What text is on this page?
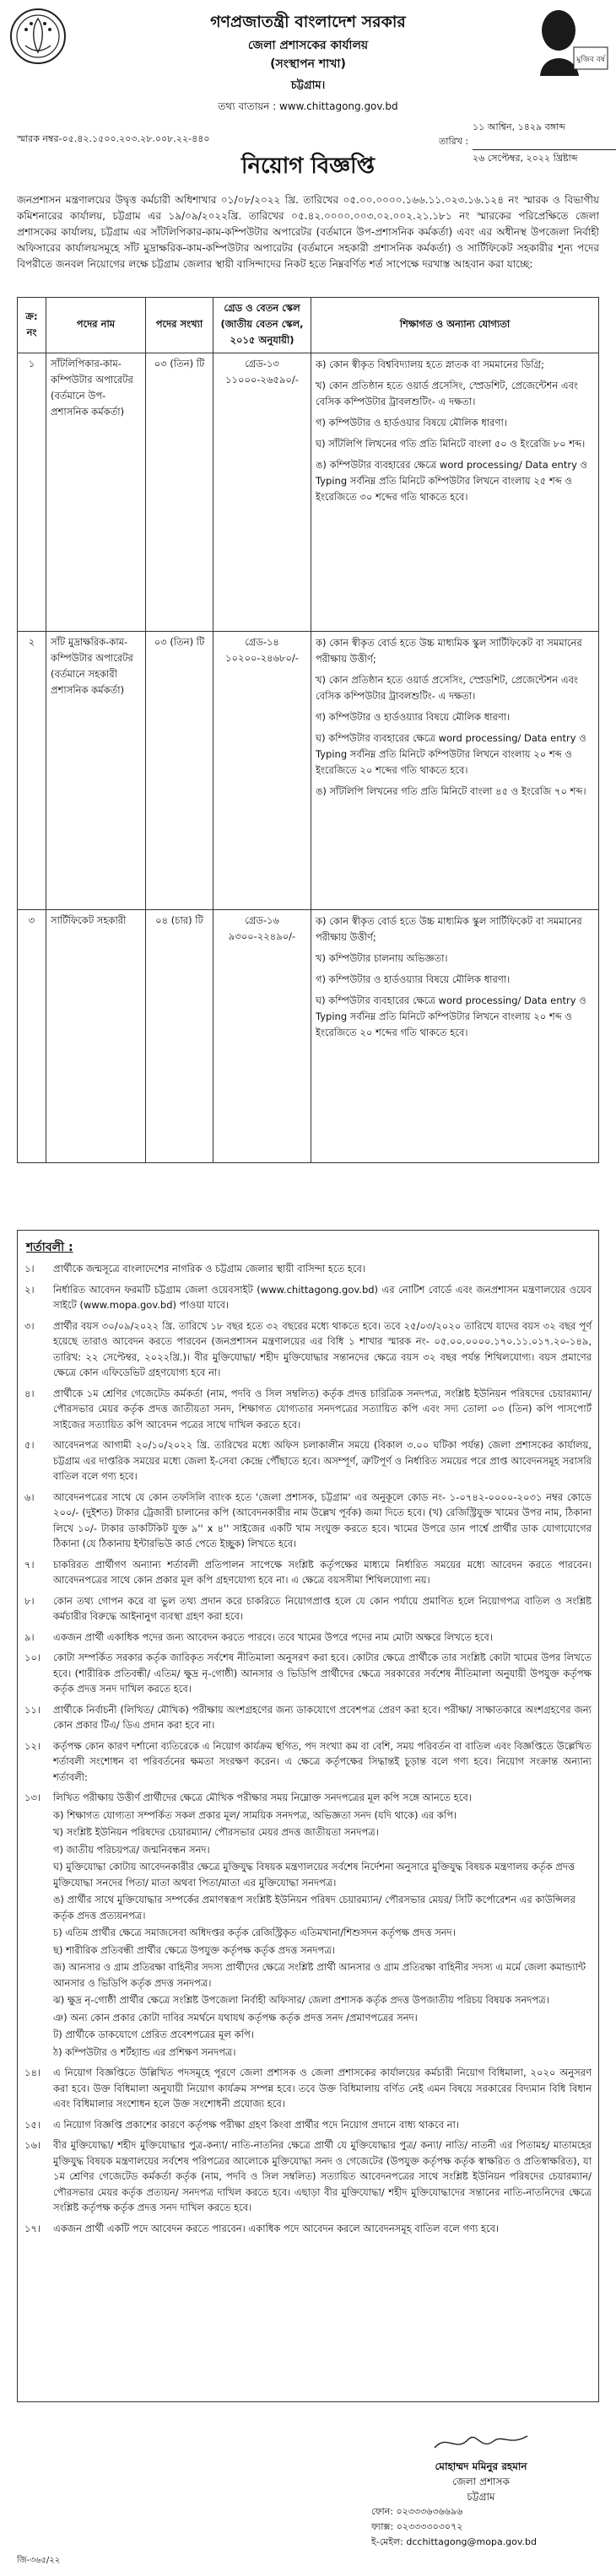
মুজিব বর্ষ
গণপ্রজাতন্ত্রী বাংলাদেশ সরকার
জেলা প্রশাসকের কার্যালয়
(সংস্থাপন শাখা)
চট্টগ্রাম।
তথ্য বাতায়ন : www.chittagong.gov.bd
স্মারক নম্বর-০৫.৪২.১৫০০.২০৩.২৮.০০৮.২২-৪৪০
১১ আশ্বিন, ১৪২৯ বঙ্গাব্দ
তারিখ :
২৬ সেপ্টেম্বর, ২০২২ খ্রিষ্টাব্দ
নিয়োগ বিজ্ঞপ্তি
জনপ্রশাসন মন্ত্রণালয়ের উদ্বৃত্ত কর্মচারী অধিশাখার ০১/০৮/২০২২ খ্রি. তারিখের ০৫.০০.০০০০.১৬৬.১১.০২৩.১৬.১২৪ নং স্মারক ও বিভাগীয় কমিশনারের কার্যালয়, চট্টগ্রাম এর ১৯/০৯/২০২২খ্রি. তারিখের ০৫.৪২.০০০০.০০৩.০২.০০২.২১.১৮১ নং স্মারকের পরিপ্রেক্ষিতে জেলা প্রশাসকের কার্যালয়, চট্টগ্রাম এর সাঁটলিপিকার-কাম-কম্পিউটার অপারেটর (বর্তমানে উপ-প্রশাসনিক কর্মকর্তা) এবং এর অধীনস্থ উপজেলা নির্বাহী অফিসারের কার্যালয়সমূহে সাঁট মুদ্রাক্ষরিক-কাম-কম্পিউটার অপারেটর (বর্তমানে সহকারী প্রশাসনিক কর্মকর্তা) ও সার্টিফিকেট সহকারীর শূন্য পদের বিপরীতে জনবল নিয়োগের লক্ষে চট্টগ্রাম জেলার স্থায়ী বাসিন্দাদের নিকট হতে নিম্নবর্ণিত শর্ত সাপেক্ষে দরখাস্ত আহবান করা যাচ্ছে:
ক্র: নং	পদের নাম	পদের সংখ্যা	গ্রেড ও বেতন স্কেল (জাতীয় বেতন স্কেল, ২০১৫ অনুযায়ী)	শিক্ষাগত ও অন্যান্য যোগ্যতা
১	সাঁটলিপিকার-কাম-কম্পিউটার অপারেটর (বর্তমানে উপ-প্রশাসনিক কর্মকর্তা)	০৩ (তিন) টি	গ্রেড-১৩ ১১০০০-২৬৫৯০/-	ক) কোন স্বীকৃত বিশ্ববিদ্যালয় হতে স্নাতক বা সমমানের ডিগ্রি;
খ) কোন প্রতিষ্ঠান হতে ওয়ার্ড প্রসেসিং, স্প্রেডশিট, প্রেজেন্টেশন এবং বেসিক কম্পিউটার ট্রাবলশুটিং- এ দক্ষতা।
গ) কম্পিউটার ও হার্ডওয়ার বিষয়ে মৌলিক ধারণা।
ঘ) সাঁটলিপি লিখনের গতি প্রতি মিনিটে বাংলা ৫০ ও ইংরেজি ৮০ শব্দ।
ঙ) কম্পিউটার ব্যবহারের ক্ষেত্রে word processing/ Data entry ও Typing সর্বনিম্ন প্রতি মিনিটে কম্পিউটার লিখনে বাংলায় ২৫ শব্দ ও ইংরেজিতে ৩০ শব্দের গতি থাকতে হবে।

২	সাঁট মুদ্রাক্ষরিক-কাম-কম্পিউটার অপারেটর (বর্তমানে সহকারী প্রশাসনিক কর্মকর্তা)	০৩ (তিন) টি	গ্রেড-১৪ ১০২০০-২৪৬৮০/-	ক) কোন স্বীকৃত বোর্ড হতে উচ্চ মাধ্যমিক স্কুল সার্টিফিকেট বা সমমানের পরীক্ষায় উত্তীর্ণ;
খ) কোন প্রতিষ্ঠান হতে ওয়ার্ড প্রসেসিং, স্প্রেডশিট, প্রেজেন্টেশন এবং বেসিক কম্পিউটার ট্রাবলশুটিং- এ দক্ষতা।
গ) কম্পিউটার ও হার্ডওয়্যার বিষয়ে মৌলিক ধারণা।
ঘ) কম্পিউটার ব্যবহারের ক্ষেত্রে word processing/ Data entry ও Typing সর্বনিম্ন প্রতি মিনিটে কম্পিউটার লিখনে বাংলায় ২০ শব্দ ও ইংরেজিতে ২০ শব্দের গতি থাকতে হবে।
ঙ) সাঁটলিপি লিখনের গতি প্রতি মিনিটে বাংলা ৪৫ ও ইংরেজি ৭০ শব্দ।

৩	সার্টিফিকেট সহকারী	০৪ (চার) টি	গ্রেড-১৬ ৯৩০০-২২৪৯০/-	ক) কোন স্বীকৃত বোর্ড হতে উচ্চ মাধ্যমিক স্কুল সার্টিফিকেট বা সমমানের পরীক্ষায় উত্তীর্ণ;
খ) কম্পিউটার চালনায় অভিজ্ঞতা।
গ) কম্পিউটার ও হার্ডওয়্যার বিষয়ে মৌলিক ধারণা।
ঘ) কম্পিউটার ব্যবহারের ক্ষেত্রে word processing/ Data entry ও Typing সর্বনিম্ন প্রতি মিনিটে কম্পিউটার লিখনে বাংলায় ২০ শব্দ ও ইংরেজিতে ২০ শব্দের গতি থাকতে হবে।
শর্তাবলী :
১।	প্রার্থীকে জন্মসূত্রে বাংলাদেশের নাগরিক ও চট্টগ্রাম জেলার স্থায়ী বাসিন্দা হতে হবে।
২।	নির্ধারিত আবেদন ফরমটি চট্টগ্রাম জেলা ওয়েবসাইট (www.chittagong.gov.bd) এর নোটিশ বোর্ডে এবং জনপ্রশাসন মন্ত্রণালয়ের ওয়েব সাইটে (www.mopa.gov.bd) পাওয়া যাবে।
৩।	প্রার্থীর বয়স ৩০/০৯/২০২২ খ্রি. তারিখে ১৮ বছর হতে ৩২ বছরের মধ্যে থাকতে হবে। তবে ২৫/০৩/২০২০ তারিখে যাদের বয়স ৩২ বছর পূর্ণ হয়েছে তারাও আবেদন করতে পারবেন (জনপ্রশাসন মন্ত্রণালয়ের এর বিধি ১ শাখার স্মারক নং- ০৫.০০.০০০০.১৭০.১১.০১৭.২০-১৪৯, তারিখ: ২২ সেপ্টেম্বর, ২০২২খ্রি.)। বীর মুক্তিযোদ্ধা/ শহীদ মুক্তিযোদ্ধার সন্তানদের ক্ষেত্রে বয়স ৩২ বছর পর্যন্ত শিথিলযোগ্য। বয়স প্রমাণের ক্ষেত্রে কোন এফিডেভিট গ্রহণযোগ্য হবে না।
৪।	প্রার্থীকে ১ম শ্রেণির গেজেটেড কর্মকর্তা (নাম, পদবি ও সিল সম্বলিত) কর্তৃক প্রদত্ত চারিত্রিক সনদপত্র, সংশ্লিষ্ট ইউনিয়ন পরিষদের চেয়ারম্যান/ পৌরসভার মেয়র কর্তৃক প্রদত্ত জাতীয়তা সনদ, শিক্ষাগত যোগ্যতার সনদপত্রের সত্যায়িত কপি এবং সদ্য তোলা ০৩ (তিন) কপি পাসপোর্ট সাইজের সত্যায়িত কপি আবেদন পত্রের সাথে দাখিল করতে হবে।
৫।	আবেদনপত্র আগামী ২০/১০/২০২২ খ্রি. তারিখের মধ্যে অফিস চলাকালীন সময়ে (বিকাল ৩.০০ ঘটিকা পর্যন্ত) জেলা প্রশাসকের কার্যালয়, চট্টগ্রাম এর দাপ্তরিক সময়ের মধ্যে জেলা ই-সেবা কেন্দ্রে পৌঁছাতে হবে। অসম্পূর্ণ, ত্রুটিপূর্ণ ও নির্ধারিত সময়ের পরে প্রাপ্ত আবেদনসমূহ সরাসরি বাতিল বলে গণ্য হবে।
৬।	আবেদনপত্রের সাথে যে কোন তফসিলি ব্যাংক হতে 'জেলা প্রশাসক, চট্টগ্রাম' এর অনুকূলে কোড নং- ১-০৭৪২-০০০০-২০৩১ নম্বর কোডে ২০০/- (দুইশত) টাকার ট্রেজারী চালানের কপি (আবেদনকারীর নাম উল্লেখ পূর্বক) জমা দিতে হবে। (খ) রেজিস্ট্রিযুক্ত খামের উপর নাম, ঠিকানা লিখে ১০/- টাকার ডাকটিকিট যুক্ত ৯'' x ৪'' সাইজের একটি খাম সংযুক্ত করতে হবে। খামের উপরে ডান পার্শ্বে প্রার্থীর ডাক যোগাযোগের ঠিকানা (যে ঠিকানায় ইন্টারভিউ কার্ড পেতে ইচ্ছুক) লিখতে হবে।
৭।	চাকরিরত প্রার্থীগণ অন্যান্য শর্তাবলী প্রতিপালন সাপেক্ষে সংশ্লিষ্ট কর্তৃপক্ষের মাধ্যমে নির্ধারিত সময়ের মধ্যে আবেদন করতে পারবেন। আবেদনপত্রের সাথে কোন প্রকার মূল কপি গ্রহণযোগ্য হবে না। এ ক্ষেত্রে বয়সসীমা শিথিলযোগ্য নয়।
৮।	কোন তথ্য গোপন করে বা ভুল তথ্য প্রদান করে চাকরিতে নিয়োগপ্রাপ্ত হলে যে কোন পর্যায়ে প্রমাণিত হলে নিয়োগপত্র বাতিল ও সংশ্লিষ্ট কর্মচারীর বিরুদ্ধে আইনানুগ ব্যবস্থা গ্রহণ করা হবে।
৯।	একজন প্রার্থী একাধিক পদের জন্য আবেদন করতে পারবে। তবে খামের উপরে পদের নাম মোটা অক্ষরে লিখতে হবে।
১০।	কোটা সম্পর্কিত সরকার কর্তৃক জারিকৃত সর্বশেষ নীতিমালা অনুসরণ করা হবে। কোটার ক্ষেত্রে প্রার্থীকে তার সংশ্লিষ্ট কোটা খামের উপর লিখতে হবে। (শারীরিক প্রতিবন্ধী/ এতিম/ ক্ষুদ্র নৃ-গোষ্ঠী) আনসার ও ভিডিপি প্রার্থীদের ক্ষেত্রে সরকারের সর্বশেষ নীতিমালা অনুযায়ী উপযুক্ত কর্তৃপক্ষ কর্তৃক প্রদত্ত সনদ দাখিল করতে হবে।
১১।	প্রার্থীকে নির্বাচনী (লিখিত/ মৌখিক) পরীক্ষায় অংশগ্রহণের জন্য ডাকযোগে প্রবেশপত্র প্রেরণ করা হবে। পরীক্ষা/ সাক্ষাতকারে অংশগ্রহণের জন্য কোন প্রকার টিএ/ ডিএ প্রদান করা হবে না।
১২।	কর্তৃপক্ষ কোন কারণ দর্শানো ব্যতিরেকে এ নিয়োগ কার্যক্রম স্থগিত, পদ সংখ্যা কম বা বেশি, সময় পরিবর্তন বা বাতিল এবং বিজ্ঞপ্তিতে উল্লেখিত শর্তাবলী সংশোধন বা পরিবর্তনের ক্ষমতা সংরক্ষণ করেন। এ ক্ষেত্রে কর্তৃপক্ষের সিদ্ধান্তই চূড়ান্ত বলে গণ্য হবে। নিয়োগ সংক্রান্ত অন্যান্য শর্তাবলী:
১৩।	লিখিত পরীক্ষায় উত্তীর্ণ প্রার্থীদের ক্ষেত্রে মৌখিক পরীক্ষার সময় নিম্নোক্ত সনদপত্রের মূল কপি সঙ্গে আনতে হবে।
ক) শিক্ষাগত যোগ্যতা সম্পর্কিত সকল প্রকার মূল/ সাময়িক সনদপত্র, অভিজ্ঞতা সনদ (যদি থাকে) এর কপি।
খ) সংশ্লিষ্ট ইউনিয়ন পরিষদের চেয়ারম্যান/ পৌরসভার মেয়র প্রদত্ত জাতীয়তা সনদপত্র।
গ) জাতীয় পরিচয়পত্র/ জন্মনিবন্ধন সনদ।
ঘ) মুক্তিযোদ্ধা কোটায় আবেদনকারীর ক্ষেত্রে মুক্তিযুদ্ধ বিষয়ক মন্ত্রণালয়ের সর্বশেষ নির্দেশনা অনুসারে মুক্তিযুদ্ধ বিষয়ক মন্ত্রণালয় কর্তৃক প্রদত্ত মুক্তিযোদ্ধা সনদের পিতা/ মাতা অথবা পিতা/মাতা এর মুক্তিযোদ্ধা সনদপত্র।
ঙ) প্রার্থীর সাথে মুক্তিযোদ্ধার সম্পর্কের প্রমাণস্বরূপ সংশ্লিষ্ট ইউনিয়ন পরিষদ চেয়ারম্যান/ পৌরসভার মেয়র/ সিটি কর্পোরেশন এর কাউন্সিলর কর্তৃক প্রদত্ত প্রত্যয়নপত্র।
চ) এতিম প্রার্থীর ক্ষেত্রে সমাজসেবা অধিদপ্তর কর্তৃক রেজিস্ট্রিকৃত এতিমখানা/শিশুসদন কর্তৃপক্ষ প্রদত্ত সনদ।
ছ) শারীরিক প্রতিবন্ধী প্রার্থীর ক্ষেত্রে উপযুক্ত কর্তৃপক্ষ কর্তৃক প্রদত্ত সনদপত্র।
জ) আনসার ও গ্রাম প্রতিরক্ষা বাহিনীর সদস্য প্রার্থীদের ক্ষেত্রে সংশ্লিষ্ট প্রার্থী আনসার ও গ্রাম প্রতিরক্ষা বাহিনীর সদস্য এ মর্মে জেলা কমান্ড্যান্ট আনসার ও ভিডিপি কর্তৃক প্রদত্ত সনদপত্র।
ঝ) ক্ষুদ্র নৃ-গোষ্ঠী প্রার্থীর ক্ষেত্রে সংশ্লিষ্ট উপজেলা নির্বাহী অফিসার/ জেলা প্রশাসক কর্তৃক প্রদত্ত উপজাতীয় পরিচয় বিষয়ক সনদপত্র।
ঞ) অন্য কোন প্রকার কোটা দাবির সমর্থনে যথাযথ কর্তৃপক্ষ কর্তৃক প্রদত্ত সনদ /প্রমাণপত্রের সনদ।
ট) প্রার্থীকে ডাকযোগে প্রেরিত প্রবেশপত্রের মূল কপি।
ঠ) কম্পিউটার ও শর্টহ্যান্ড এর প্রশিক্ষণ সনদপত্র।
১৪।	এ নিয়োগ বিজ্ঞপ্তিতে উল্লিখিত পদসমূহে পূরণে জেলা প্রশাসক ও জেলা প্রশাসকের কার্যালয়ের কর্মচারী নিয়োগ বিধিমালা, ২০২০ অনুসরণ করা হবে। উক্ত বিধিমালা অনুযায়ী নিয়োগ কার্যক্রম সম্পন্ন হবে। তবে উক্ত বিধিমালায় বর্ণিত নেই এমন বিষয়ে সরকারের বিদ্যমান বিধি বিধান এবং বিধিমালার সংশোধন হলে উক্ত সংশোধনী প্রযোজ্য হবে।
১৫।	এ নিয়োগ বিজ্ঞপ্তি প্রকাশের কারণে কর্তৃপক্ষ পরীক্ষা গ্রহণ কিংবা প্রার্থীর পদে নিয়োগ প্রদানে বাধ্য থাকবে না।
১৬।	বীর মুক্তিযোদ্ধা/ শহীদ মুক্তিযোদ্ধার পুত্র-কন্যা/ নাতি-নাতনির ক্ষেত্রে প্রার্থী যে মুক্তিযোদ্ধার পুত্র/ কন্যা/ নাতি/ নাতনী এর পিতামহ/ মাতামহের মুক্তিযুদ্ধ বিষয়ক মন্ত্রণালয়ের সর্বশেষ পরিপত্রের আলোকে মুক্তিযোদ্ধা সনদ ও গেজেটের (উপযুক্ত কর্তৃপক্ষ কর্তৃক স্বাক্ষরিত ও প্রতিস্বাক্ষরিত), যা ১ম শ্রেণির গেজেটেড কর্মকর্তা কর্তৃক (নাম, পদবি ও সিল সম্বলিত) সত্যায়িত আবেদনপত্রের সাথে সংশ্লিষ্ট ইউনিয়ন পরিষদের চেয়ারম্যান/ পৌরসভার মেয়র কর্তৃক প্রত্যয়ন/ সনদপত্র দাখিল করতে হবে। এছাড়া বীর মুক্তিযোদ্ধা/ শহীদ মুক্তিযোদ্ধাদের সন্তানের নাতি-নাতনিদের ক্ষেত্রে সংশ্লিষ্ট কর্তৃপক্ষ কর্তৃক প্রদত্ত সনদ দাখিল করতে হবে।
১৭।	একজন প্রার্থী একটি পদে আবেদন করতে পারবেন। একাধিক পদে আবেদন করলে আবেদনসমূহ বাতিল বলে গণ্য হবে।
মোহাম্মদ মমিনুর রহমান
জেলা প্রশাসক
চট্টগ্রাম
ফোন: ০২৩৩৩৬৩৬৬৯৬
ফ্যাক্স: ০২৩৩৩৩০৩০৭২
ই-মেইল: dcchittagong@mopa.gov.bd
জি-৩৬৫/২২
